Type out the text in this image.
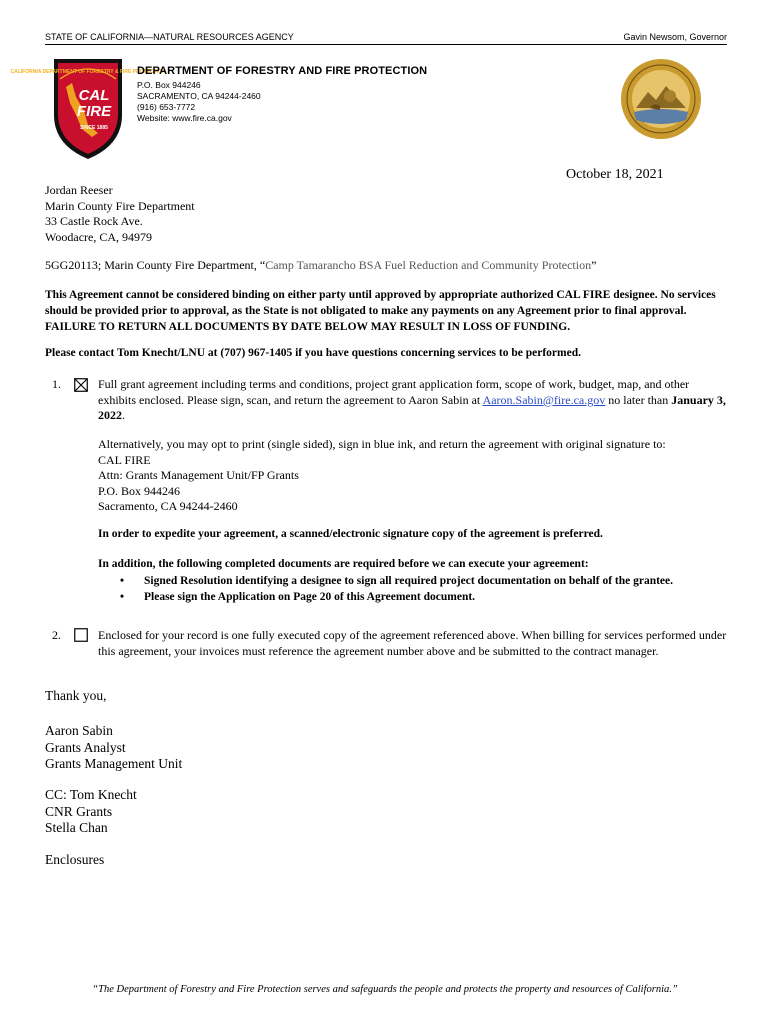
STATE OF CALIFORNIA—NATURAL RESOURCES AGENCY	Gavin Newsom, Governor
CALIFORNIA DEPARTMENT OF FORESTRY & FIRE PROTECTION
CAL
FIRE
SINCE 1885
DEPARTMENT OF FORESTRY AND FIRE PROTECTION
P.O. Box 944246
SACRAMENTO, CA 94244-2460
(916) 653-7772
Website: www.fire.ca.gov
October 18, 2021
Jordan Reeser
Marin County Fire Department
33 Castle Rock Ave.
Woodacre, CA, 94979
5GG20113; Marin County Fire Department, “Camp Tamarancho BSA Fuel Reduction and Community Protection”
This Agreement cannot be considered binding on either party until approved by appropriate authorized CAL FIRE designee. No services should be provided prior to approval, as the State is not obligated to make any payments on any Agreement prior to final approval. FAILURE TO RETURN ALL DOCUMENTS BY DATE BELOW MAY RESULT IN LOSS OF FUNDING.
Please contact Tom Knecht/LNU at (707) 967-1405 if you have questions concerning services to be performed.
1.	Full grant agreement including terms and conditions, project grant application form, scope of work, budget, map, and other exhibits enclosed. Please sign, scan, and return the agreement to Aaron Sabin at Aaron.Sabin@fire.ca.gov no later than January 3, 2022.
Alternatively, you may opt to print (single sided), sign in blue ink, and return the agreement with original signature to:
CAL FIRE
Attn: Grants Management Unit/FP Grants
P.O. Box 944246
Sacramento, CA 94244-2460
In order to expedite your agreement, a scanned/electronic signature copy of the agreement is preferred.
In addition, the following completed documents are required before we can execute your agreement:
• Signed Resolution identifying a designee to sign all required project documentation on behalf of the grantee.
• Please sign the Application on Page 20 of this Agreement document.
2.	Enclosed for your record is one fully executed copy of the agreement referenced above. When billing for services performed under this agreement, your invoices must reference the agreement number above and be submitted to the contract manager.
Thank you,
Aaron Sabin
Grants Analyst
Grants Management Unit
CC: Tom Knecht
CNR Grants
Stella Chan
Enclosures
“The Department of Forestry and Fire Protection serves and safeguards the people and protects the property and resources of California.”
